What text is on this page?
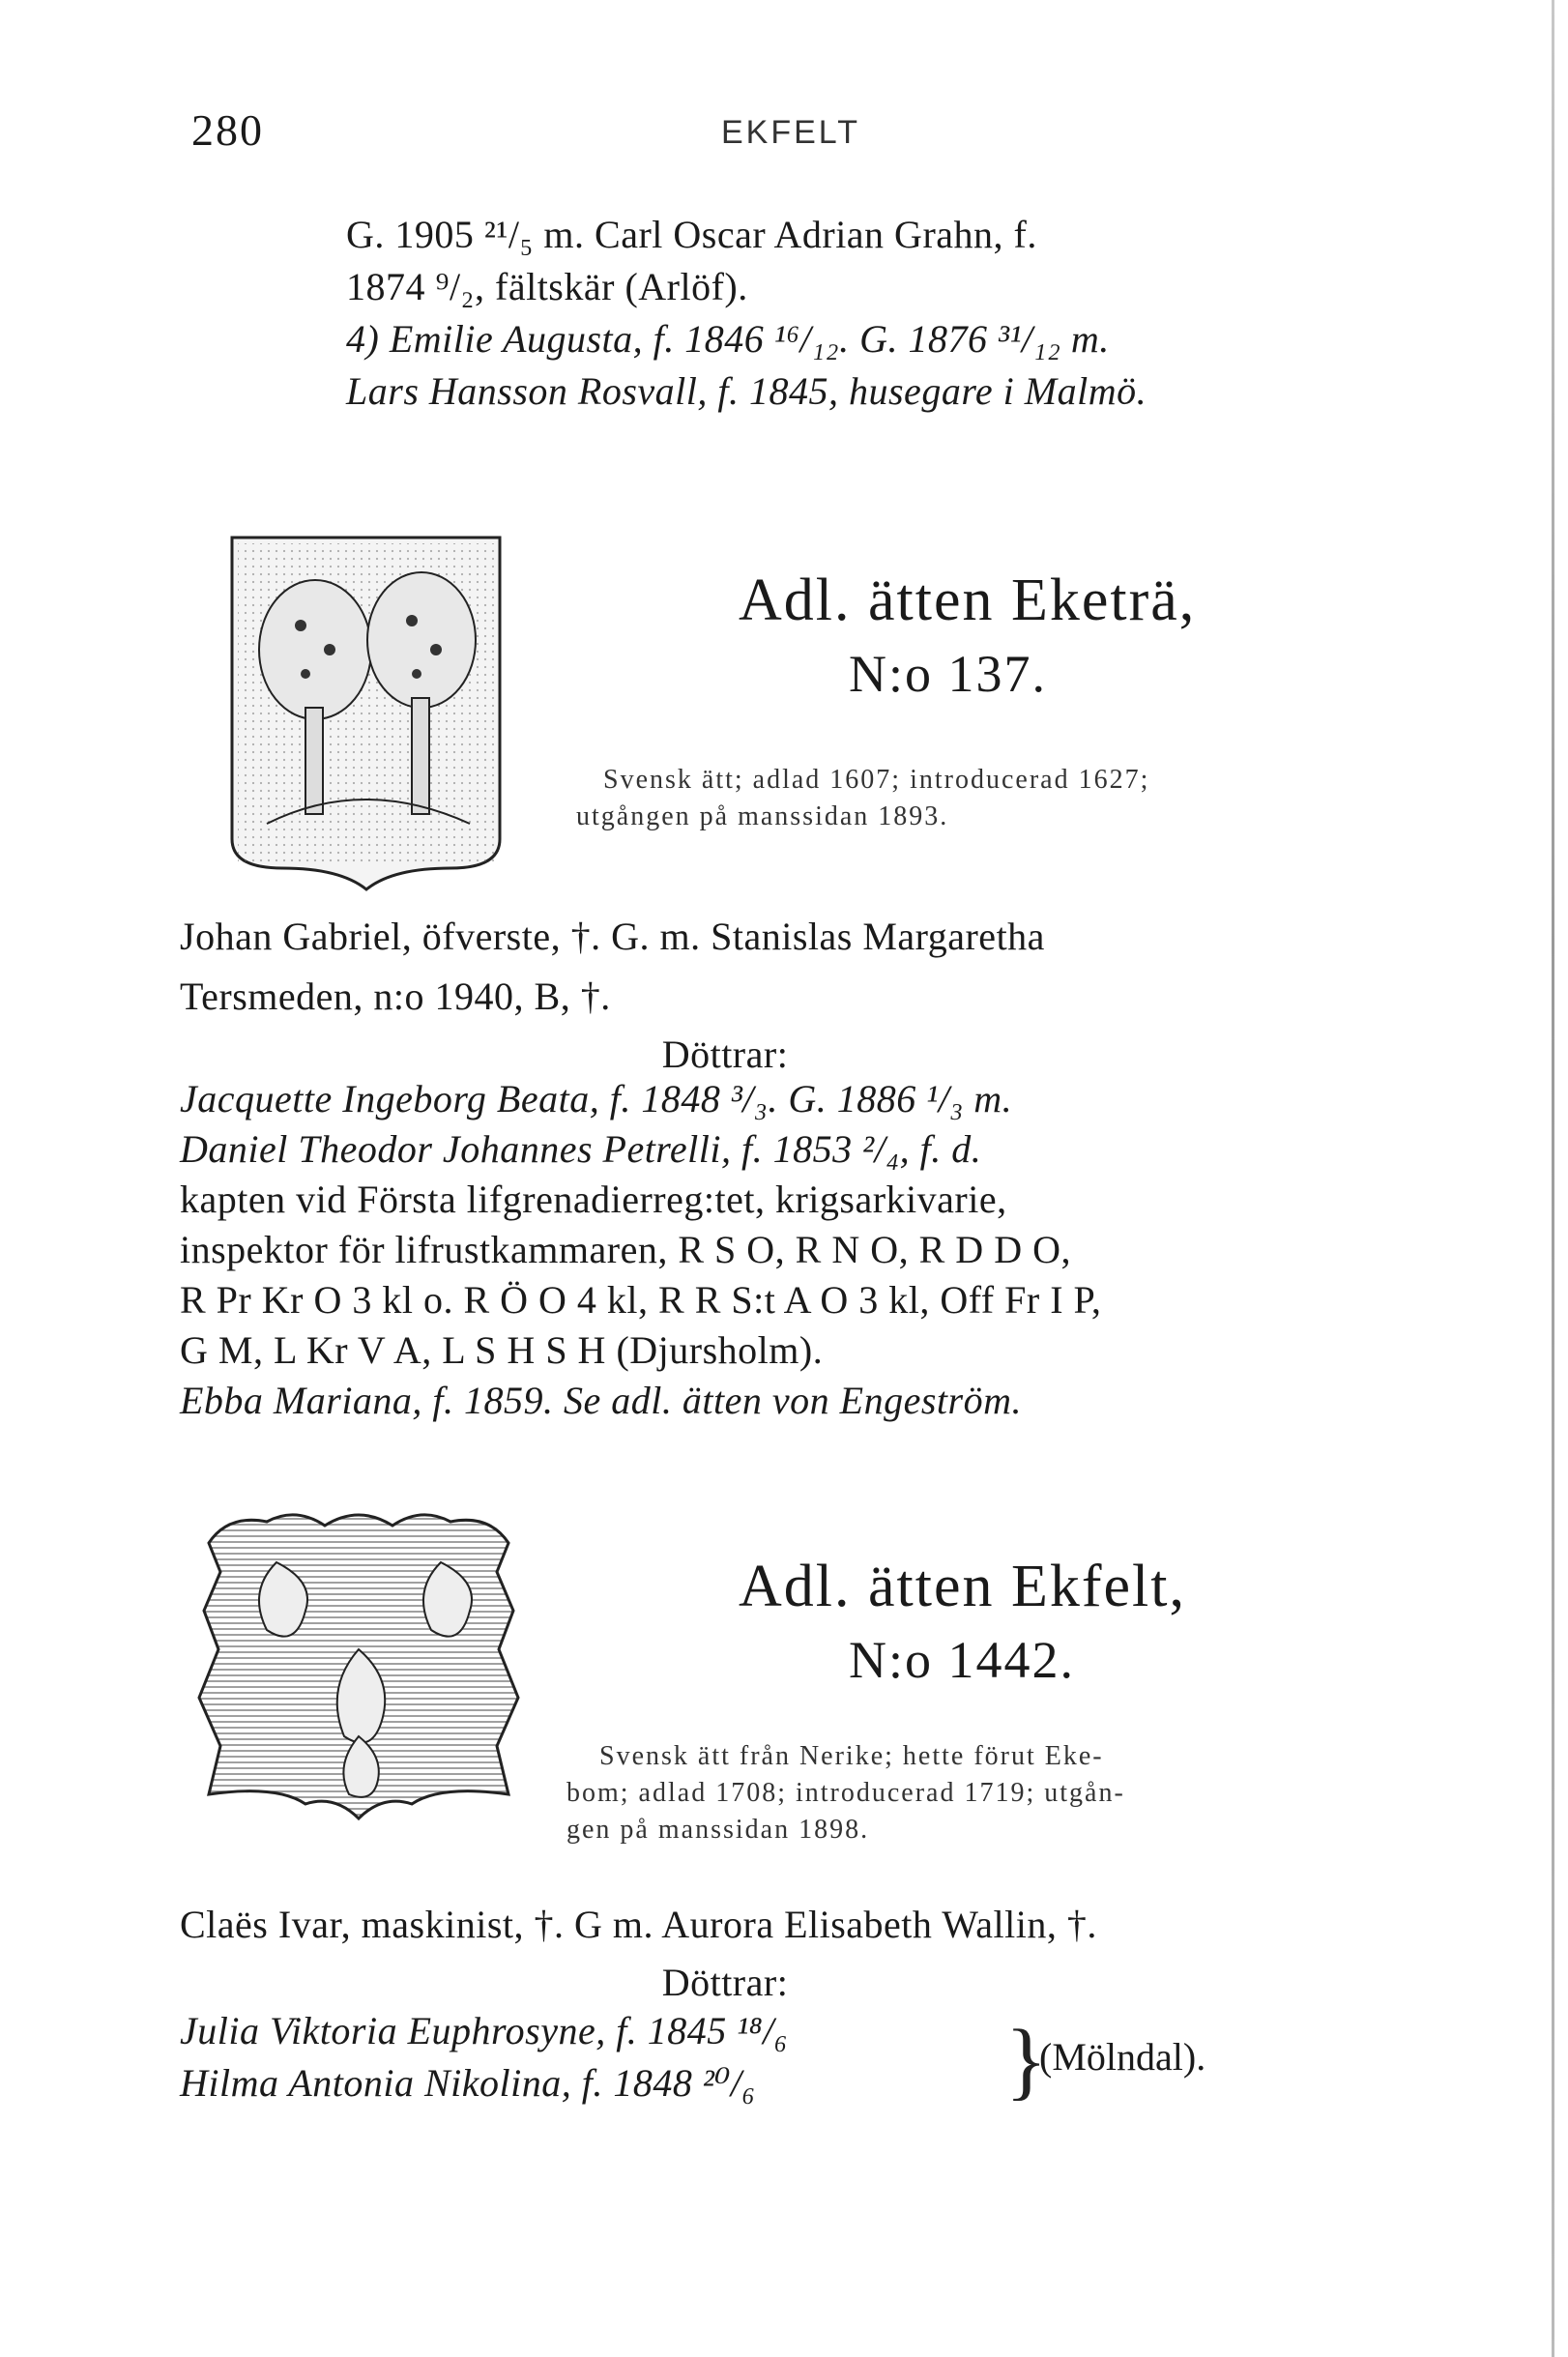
280	EKFELT
G. 1905 ²¹/₅ m. Carl Oscar Adrian Grahn, f.
1874 ⁹/₂, fältskär (Arlöf).
4) Emilie Augusta, f. 1846 ¹⁶/₁₂. G. 1876 ³¹/₁₂ m.
Lars Hansson Rosvall, f. 1845, husegare i Malmö.
Adl. ätten Eketrä,
N:o 137.
Svensk ätt; adlad 1607; introducerad 1627;
utgången på manssidan 1893.
Johan Gabriel, öfverste, †. G. m. Stanislas Margaretha
Tersmeden, n:o 1940, B, †.
Döttrar:
Jacquette Ingeborg Beata, f. 1848 ³/₃. G. 1886 ¹/₃ m.
Daniel Theodor Johannes Petrelli, f. 1853 ²/₄, f. d.
kapten vid Första lifgrenadierreg:tet, krigsarkivarie,
inspektor för lifrustkammaren, R S O, R N O, R D D O,
R Pr Kr O 3 kl o. R Ö O 4 kl, R R S:t A O 3 kl, Off Fr I P,
G M, L Kr V A, L S H S H (Djursholm).
Ebba Mariana, f. 1859. Se adl. ätten von Engeström.
Adl. ätten Ekfelt,
N:o 1442.
Svensk ätt från Nerike; hette förut Eke-
bom; adlad 1708; introducerad 1719; utgån-
gen på manssidan 1898.
Claës Ivar, maskinist, †. G m. Aurora Elisabeth Wallin, †.
Döttrar:
Julia Viktoria Euphrosyne, f. 1845 ¹⁸/₆
Hilma Antonia Nikolina, f. 1848 ²⁰/₆	}
(Mölndal).
